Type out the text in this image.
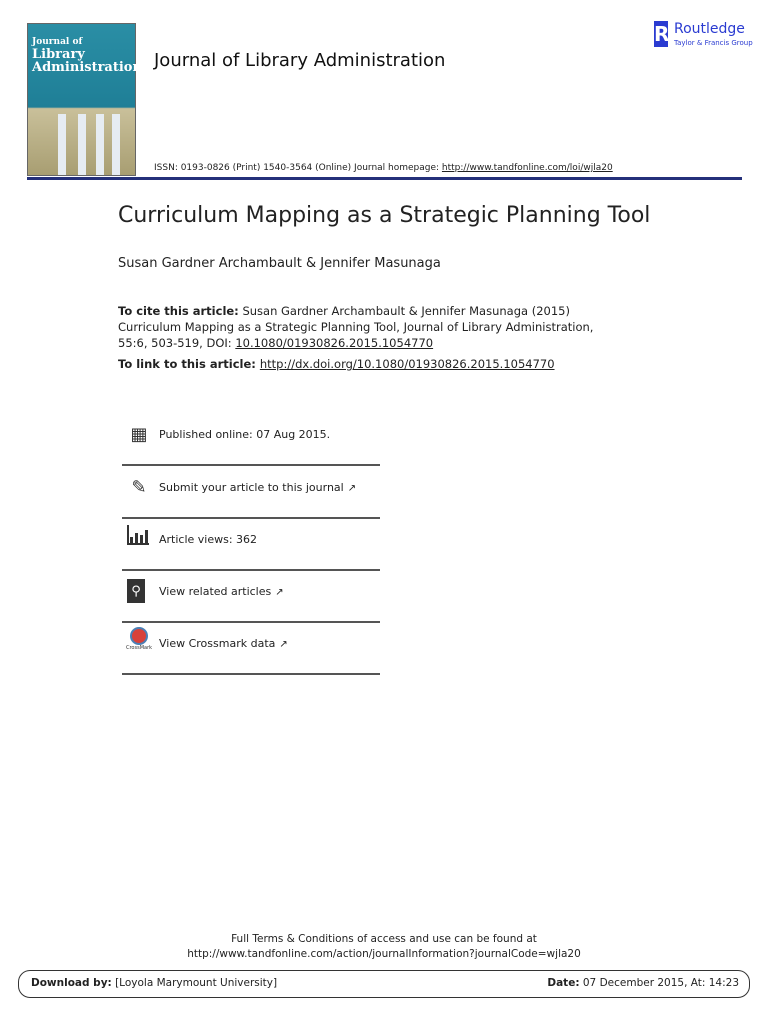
Journal of Library
Administration Journal of Library Administration
R Routledge
Taylor & Francis Group
ISSN: 0193-0826 (Print) 1540-3564 (Online) Journal homepage: http://www.tandfonline.com/loi/wjla20
Curriculum Mapping as a Strategic Planning Tool
Susan Gardner Archambault & Jennifer Masunaga
To cite this article: Susan Gardner Archambault & Jennifer Masunaga (2015) Curriculum Mapping as a Strategic Planning Tool, Journal of Library Administration, 55:6, 503-519, DOI: 10.1080/01930826.2015.1054770
To link to this article: http://dx.doi.org/10.1080/01930826.2015.1054770
▦	Published online: 07 Aug 2015.
✎	Submit your article to this journal ↗
Article views: 362
⚲	View related articles ↗
CrossMark View Crossmark data ↗
Full Terms & Conditions of access and use can be found at
http://www.tandfonline.com/action/journalInformation?journalCode=wjla20
Download by: [Loyola Marymount University]	Date: 07 December 2015, At: 14:23
